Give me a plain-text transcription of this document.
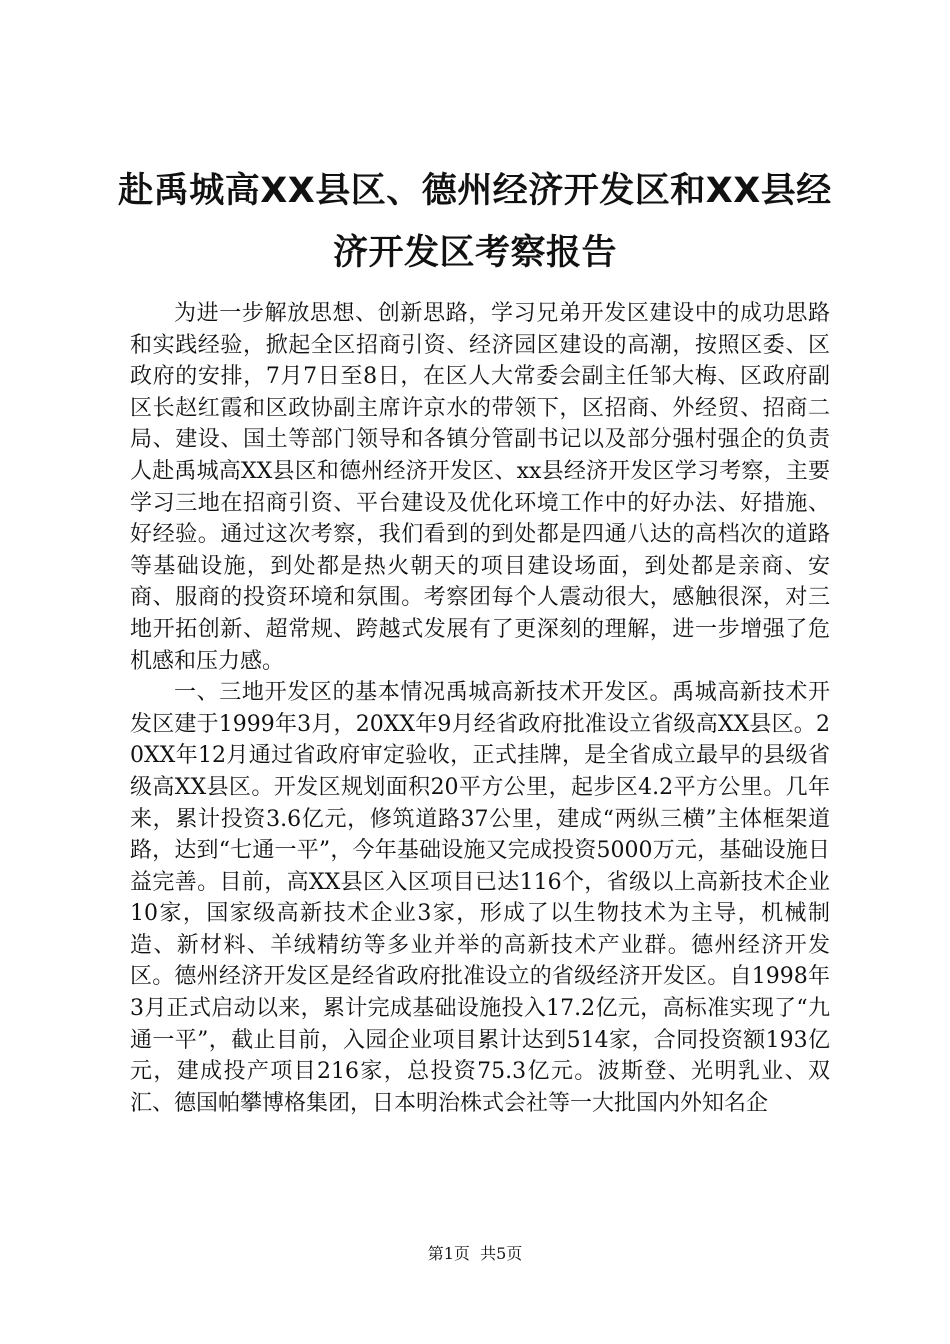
赴禹城高XX县区、德州经济开发区和XX县经
济开发区考察报告

为进一步解放思想、创新思路，学习兄弟开发区建设中的成功思路和实践经验，掀起全区招商引资、经济园区建设的高潮，按照区委、区政府的安排，7月7日至8日，在区人大常委会副主任邹大梅、区政府副区长赵红霞和区政协副主席许京水的带领下，区招商、外经贸、招商二局、建设、国土等部门领导和各镇分管副书记以及部分强村强企的负责人赴禹城高XX县区和德州经济开发区、xx县经济开发区学习考察，主要学习三地在招商引资、平台建设及优化环境工作中的好办法、好措施、好经验。通过这次考察，我们看到的到处都是四通八达的高档次的道路等基础设施，到处都是热火朝天的项目建设场面，到处都是亲商、安商、服商的投资环境和氛围。考察团每个人震动很大，感触很深，对三地开拓创新、超常规、跨越式发展有了更深刻的理解，进一步增强了危机感和压力感。

一、三地开发区的基本情况禹城高新技术开发区。禹城高新技术开发区建于1999年3月，20XX年9月经省政府批准设立省级高XX县区。20XX年12月通过省政府审定验收，正式挂牌，是全省成立最早的县级省级高XX县区。开发区规划面积20平方公里，起步区4.2平方公里。几年来，累计投资3.6亿元，修筑道路37公里，建成“两纵三横”主体框架道路，达到“七通一平”，今年基础设施又完成投资5000万元，基础设施日益完善。目前，高XX县区入区项目已达116个，省级以上高新技术企业10家，国家级高新技术企业3家，形成了以生物技术为主导，机械制造、新材料、羊绒精纺等多业并举的高新技术产业群。德州经济开发区。德州经济开发区是经省政府批准设立的省级经济开发区。自1998年3月正式启动以来，累计完成基础设施投入17.2亿元，高标准实现了“九通一平”，截止目前，入园企业项目累计达到514家，合同投资额193亿元，建成投产项目216家，总投资75.3亿元。波斯登、光明乳业、双汇、德国帕攀博格集团，日本明治株式会社等一大批国内外知名企

第1页  共5页
